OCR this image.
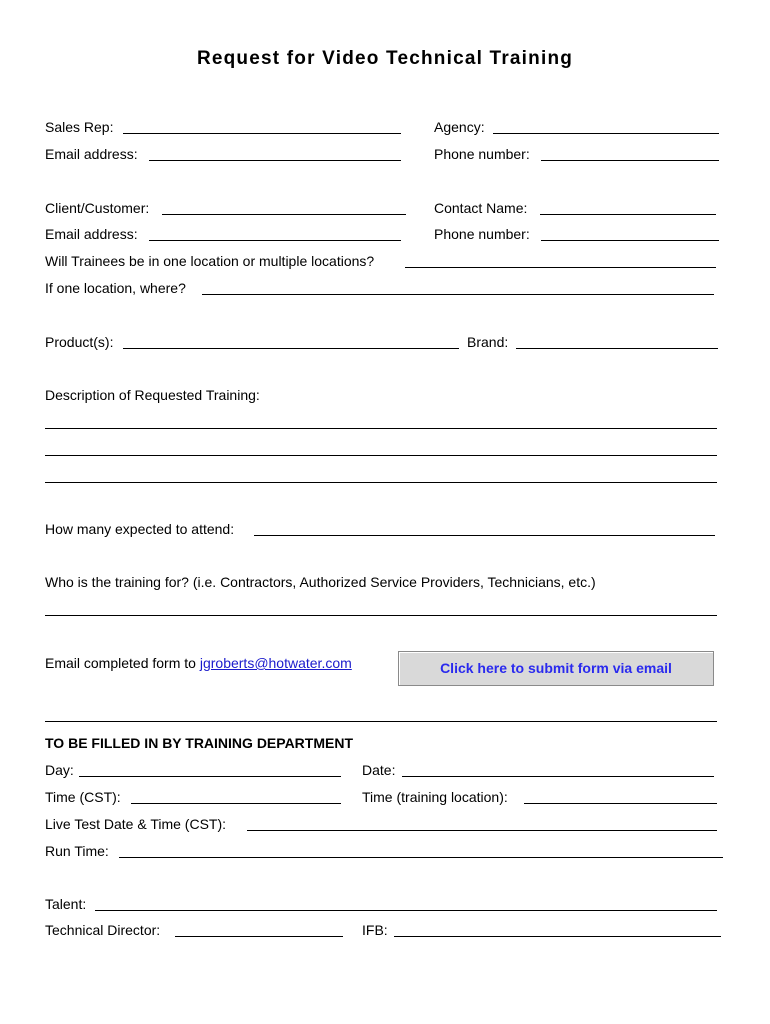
Request for Video Technical Training
Sales Rep:	Agency:
Email address:	Phone number:
Client/Customer:	Contact Name:
Email address:	Phone number:
Will Trainees be in one location or multiple locations?
If one location, where?
Product(s):	Brand:
Description of Requested Training:
How many expected to attend:
Who is the training for? (i.e. Contractors, Authorized Service Providers, Technicians, etc.)
Email completed form to jgroberts@hotwater.com	Click here to submit form via email
TO BE FILLED IN BY TRAINING DEPARTMENT
Day:	Date:
Time (CST):	Time (training location):
Live Test Date & Time (CST):
Run Time:
Talent:
Technical Director:	IFB:
